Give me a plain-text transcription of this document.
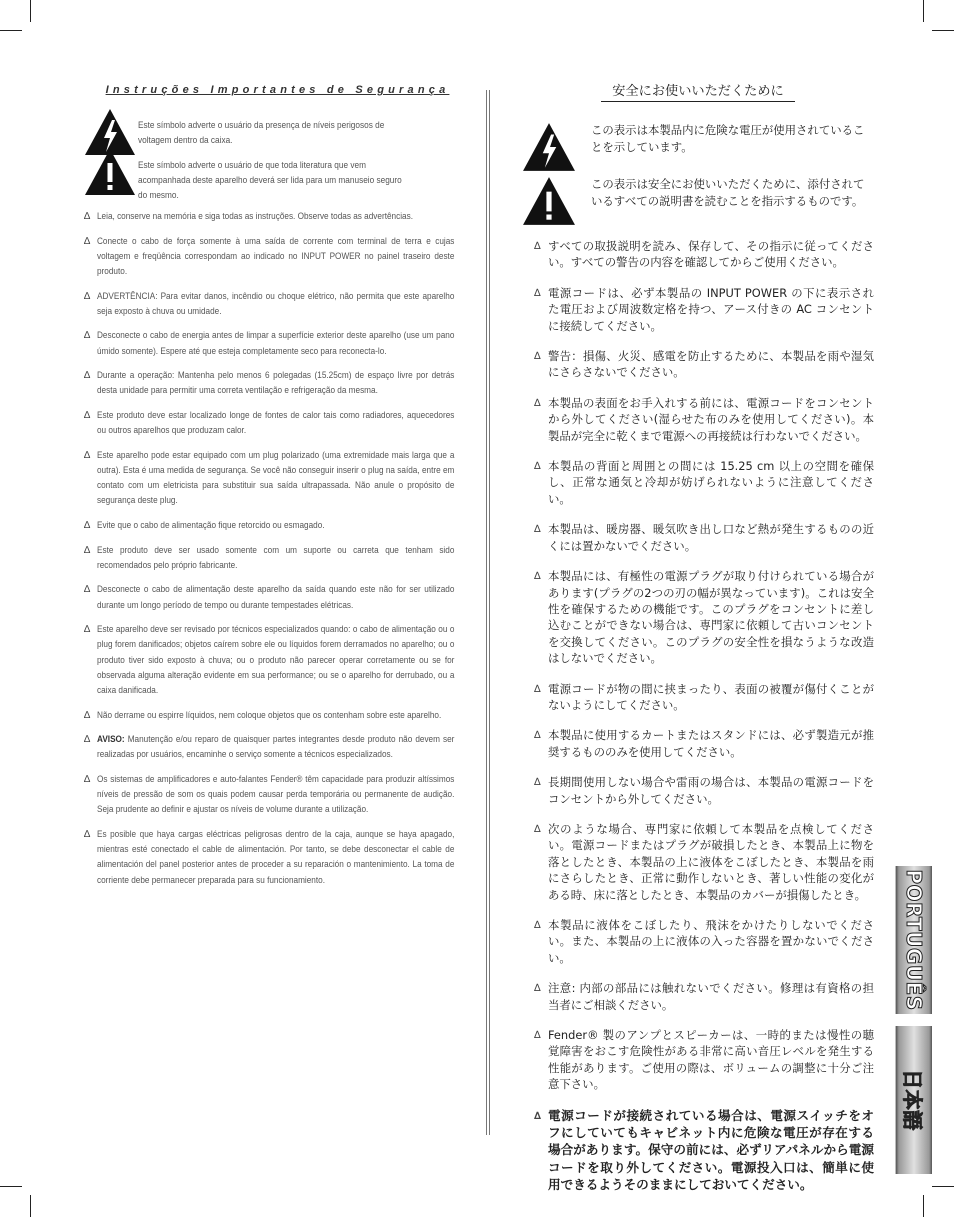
Instruções Importantes de Segurança
Este símbolo adverte o usuário da presença de níveis perigosos de voltagem dentro da caixa.
Este símbolo adverte o usuário de que toda literatura que vem acompanhada deste aparelho deverá ser lida para um manuseio seguro do mesmo.
∆ Leia, conserve na memória e siga todas as instruções. Observe todas as advertências.
∆ Conecte o cabo de força somente à uma saída de corrente com terminal de terra e cujas voltagem e freqüência correspondam ao indicado no INPUT POWER no painel traseiro deste produto.
∆ ADVERTÊNCIA: Para evitar danos, incêndio ou choque elétrico, não permita que este aparelho seja exposto à chuva ou umidade.
∆ Desconecte o cabo de energia antes de limpar a superfície exterior deste aparelho (use um pano úmido somente). Espere até que esteja completamente seco para reconecta-lo.
∆ Durante a operação: Mantenha pelo menos 6 polegadas (15.25cm) de espaço livre por detrás desta unidade para permitir uma correta ventilação e refrigeração da mesma.
∆ Este produto deve estar localizado longe de fontes de calor tais como radiadores, aquecedores ou outros aparelhos que produzam calor.
∆ Este aparelho pode estar equipado com um plug polarizado (uma extremidade mais larga que a outra). Esta é uma medida de segurança. Se você não conseguir inserir o plug na saída, entre em contato com um eletricista para substituir sua saída ultrapassada. Não anule o propósito de segurança deste plug.
∆ Evite que o cabo de alimentação fique retorcido ou esmagado.
∆ Este produto deve ser usado somente com um suporte ou carreta que tenham sido recomendados pelo próprio fabricante.
∆ Desconecte o cabo de alimentação deste aparelho da saída quando este não for ser utilizado durante um longo período de tempo ou durante tempestades elétricas.
∆ Este aparelho deve ser revisado por técnicos especializados quando: o cabo de alimentação ou o plug forem danificados; objetos caírem sobre ele ou líquidos forem derramados no aparelho; ou o produto tiver sido exposto à chuva; ou o produto não parecer operar corretamente ou se for observada alguma alteração evidente em sua performance; ou se o aparelho for derrubado, ou a caixa danificada.
∆ Não derrame ou espirre líquidos, nem coloque objetos que os contenham sobre este aparelho.
∆ AVISO: Manutenção e/ou reparo de quaisquer partes integrantes desde produto não devem ser realizadas por usuários, encaminhe o serviço somente a técnicos especializados.
∆ Os sistemas de amplificadores e auto-falantes Fender® têm capacidade para produzir altíssimos níveis de pressão de som os quais podem causar perda temporária ou permanente de audição. Seja prudente ao definir e ajustar os níveis de volume durante a utilização.
∆ Es posible que haya cargas eléctricas peligrosas dentro de la caja, aunque se haya apagado, mientras esté conectado el cable de alimentación. Por tanto, se debe desconectar el cable de alimentación del panel posterior antes de proceder a su reparación o mantenimiento. La toma de corriente debe permanecer preparada para su funcionamiento.
安全にお使いいただくために
この表示は本製品内に危険な電圧が使用されていることを示しています。
この表示は安全にお使いいただくために、添付されているすべての説明書を読むことを指示するものです。
∆ すべての取扱説明を読み、保存して、その指示に従ってください。すべての警告の内容を確認してからご使用ください。
∆ 電源コードは、必ず本製品の INPUT POWER の下に表示された電圧および周波数定格を持つ、アース付きの AC コンセントに接続してください。
∆ 警告：損傷、火災、感電を防止するために、本製品を雨や湿気にさらさないでください。
∆ 本製品の表面をお手入れする前には、電源コードをコンセントから外してください(湿らせた布のみを使用してください)。本製品が完全に乾くまで電源への再接続は行わないでください。
∆ 本製品の背面と周囲との間には 15.25 cm 以上の空間を確保し、正常な通気と冷却が妨げられないように注意してください。
∆ 本製品は、暖房器、暖気吹き出し口など熱が発生するものの近くには置かないでください。
∆ 本製品には、有極性の電源プラグが取り付けられている場合があります(プラグの2つの刃の幅が異なっています)。これは安全性を確保するための機能です。このプラグをコンセントに差し込むことができない場合は、専門家に依頼して古いコンセントを交換してください。このプラグの安全性を損なうような改造はしないでください。
∆ 電源コードが物の間に挟まったり、表面の被覆が傷付くことがないようにしてください。
∆ 本製品に使用するカートまたはスタンドには、必ず製造元が推奨するもののみを使用してください。
∆ 長期間使用しない場合や雷雨の場合は、本製品の電源コードをコンセントから外してください。
∆ 次のような場合、専門家に依頼して本製品を点検してください。電源コードまたはプラグが破損したとき、本製品上に物を落としたとき、本製品の上に液体をこぼしたとき、本製品を雨にさらしたとき、正常に動作しないとき、著しい性能の変化がある時、床に落としたとき、本製品のカバーが損傷したとき。
∆ 本製品に液体をこぼしたり、飛沫をかけたりしないでください。また、本製品の上に液体の入った容器を置かないでください。
∆ 注意: 内部の部品には触れないでください。修理は有資格の担当者にご相談ください。
∆ Fender® 製のアンプとスピーカーは、一時的または慢性の聴覚障害をおこす危険性がある非常に高い音圧レベルを発生する性能があります。ご使用の際は、ボリュームの調整に十分ご注意下さい。
∆ 電源コードが接続されている場合は、電源スイッチをオフにしていてもキャビネット内に危険な電圧が存在する場合があります。保守の前には、必ずリアパネルから電源コードを取り外してください。電源投入口は、簡単に使用できるようそのままにしておいてください。
PORTUGUÊS
日本語
